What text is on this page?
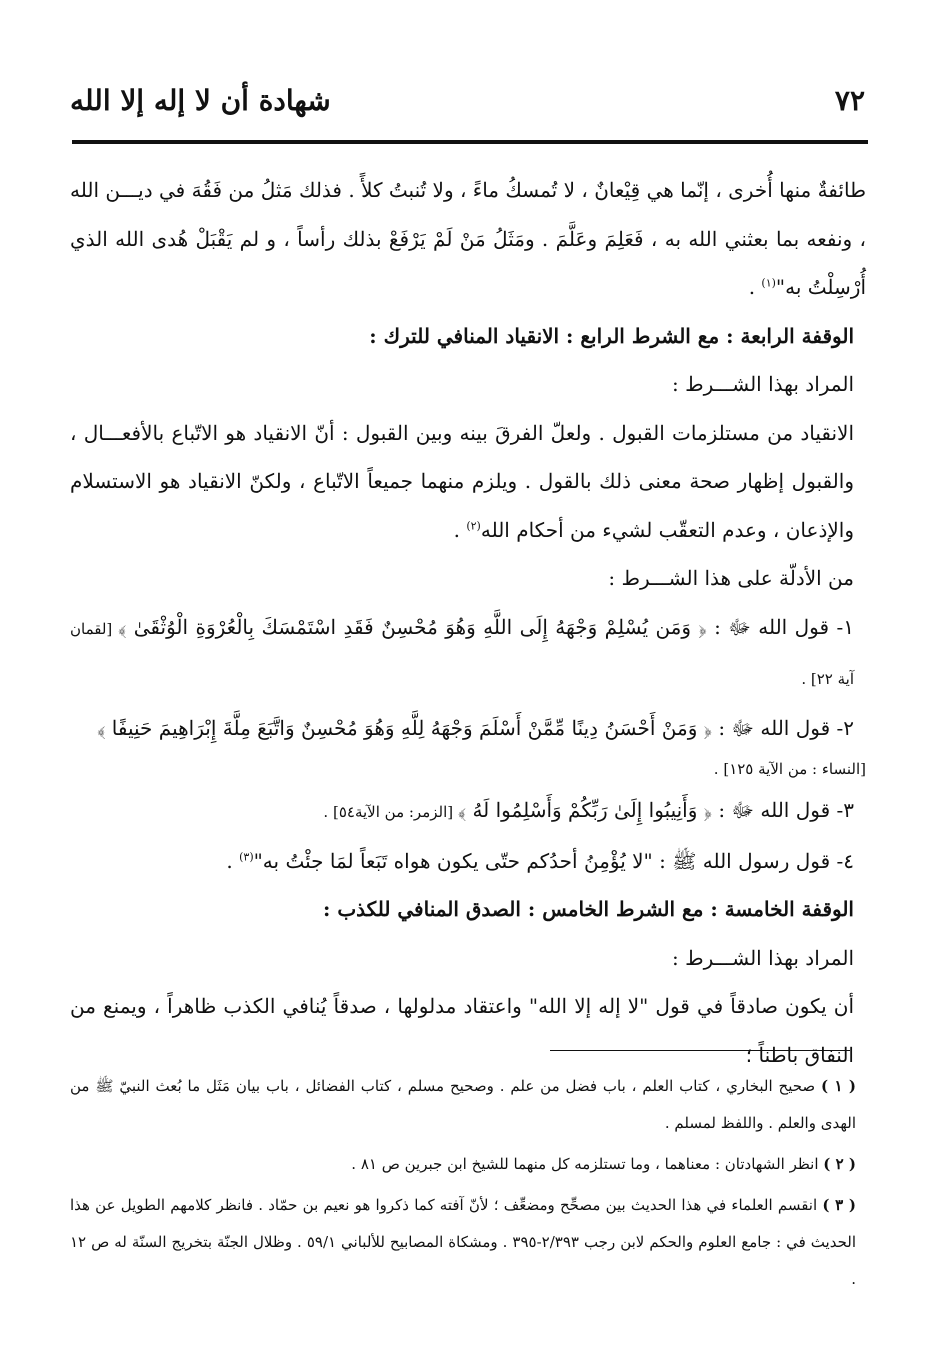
٧٢
شهادة أن لا إله إلا الله

طائفةٌ منها أُخرى ، إنّما هي قِيْعانٌ ، لا تُمسكُ ماءً ، ولا تُنبتُ كلأً . فذلك مَثلُ من فَقُهَ في ديـــن الله ، ونفعه بما بعثني الله به ، فَعَلِمَ وعَلَّمَ . ومَثَلُ مَنْ لَمْ يَرْفَعْ بذلك رأساً ، و لم يَقْبَلْ هُدى الله الذي أُرْسِلْتُ به"$^{(١)}$ .

الوقفة الرابعة : مع الشرط الرابع : الانقياد المنافي للترك :

المراد بهذا الشـــرط :

الانقياد من مستلزمات القبول . ولعلّ الفرقَ بينه وبين القبول : أنّ الانقياد هو الاتّباع بالأفعـــال ، والقبول إظهار صحة معنى ذلك بالقول . ويلزم منهما جميعاً الاتّباع ، ولكنّ الانقياد هو الاستسلام والإذعان ، وعدم التعقّب لشيء من أحكام الله$^{(٢)}$ .

من الأدلّة على هذا الشـــرط :

١- قول الله ﷻ : ﴿ وَمَن يُسْلِمْ وَجْهَهُ إِلَى اللَّهِ وَهُوَ مُحْسِنٌ فَقَدِ اسْتَمْسَكَ بِالْعُرْوَةِ الْوُثْقَىٰ ﴾ [لقمان آية ٢٢] .

٢- قول الله ﷻ : ﴿ وَمَنْ أَحْسَنُ دِينًا مِّمَّنْ أَسْلَمَ وَجْهَهُ لِلَّهِ وَهُوَ مُحْسِنٌ وَاتَّبَعَ مِلَّةَ إِبْرَاهِيمَ حَنِيفًا ﴾

[النساء : من الآية ١٢٥] .

٣- قول الله ﷻ : ﴿ وَأَنِيبُوا إِلَىٰ رَبِّكُمْ وَأَسْلِمُوا لَهُ ﴾ [الزمر: من الآية٥٤] .

٤- قول رسول الله ﷺ : "لا يُؤْمِنُ أحدُكم حتّى يكون هواه تَبَعاً لمَا جئْتُ به"$^{(٣)}$ .

الوقفة الخامسة : مع الشرط الخامس : الصدق المنافي للكذب :

المراد بهذا الشـــرط :

أن يكون صادقاً في قول "لا إله إلا الله" واعتقاد مدلولها ، صدقاً يُنافي الكذب ظاهراً ، ويمنع من النفاق باطناً ؛

( ١ ) صحيح البخاري ، كتاب العلم ، باب فضل من علم . وصحيح مسلم ، كتاب الفضائل ، باب بيان مَثَل ما بُعث النبيّ ﷺ من الهدى والعلم . واللفظ لمسلم .

( ٢ ) انظر الشهادتان : معناهما ، وما تستلزمه كل منهما للشيخ ابن جبرين ص ٨١ .

( ٣ ) انقسم العلماء في هذا الحديث بين مصحِّح ومضعِّف ؛ لأنّ آفته كما ذكروا هو نعيم بن حمّاد . فانظر كلامهم الطويل عن هذا الحديث في : جامع العلوم والحكم لابن رجب ٢/٣٩٣-٣٩٥ . ومشكاة المصابيح للألباني ٥٩/١ . وظلال الجنّة بتخريج السنّة له ص ١٢ .
